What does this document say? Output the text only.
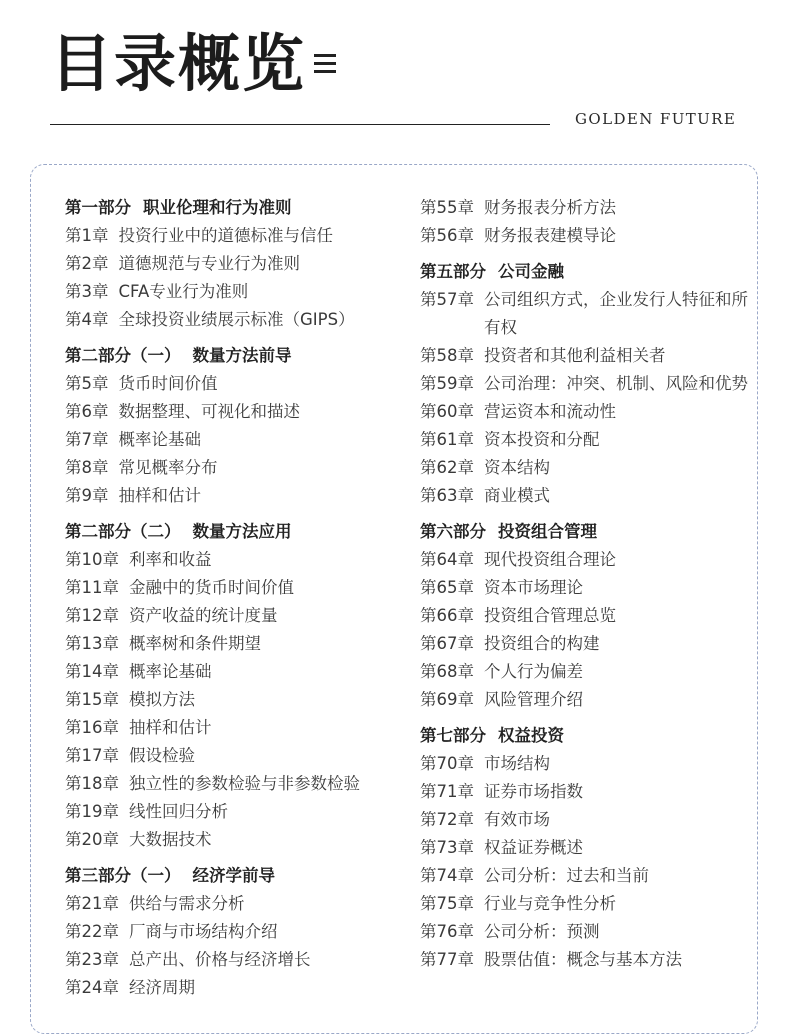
目录概览
GOLDEN FUTURE
第一部分 职业伦理和行为准则
第1章 投资行业中的道德标准与信任
第2章 道德规范与专业行为准则
第3章 CFA专业行为准则
第4章 全球投资业绩展示标准（GIPS）
第二部分（一） 数量方法前导
第5章 货币时间价值
第6章 数据整理、可视化和描述
第7章 概率论基础
第8章 常见概率分布
第9章 抽样和估计
第二部分（二） 数量方法应用
第10章 利率和收益
第11章 金融中的货币时间价值
第12章 资产收益的统计度量
第13章 概率树和条件期望
第14章 概率论基础
第15章 模拟方法
第16章 抽样和估计
第17章 假设检验
第18章 独立性的参数检验与非参数检验
第19章 线性回归分析
第20章 大数据技术
第三部分（一） 经济学前导
第21章 供给与需求分析
第22章 厂商与市场结构介绍
第23章 总产出、价格与经济增长
第24章 经济周期
第55章 财务报表分析方法
第56章 财务报表建模导论
第五部分 公司金融
第57章 公司组织方式，企业发行人特征和所有权
第58章 投资者和其他利益相关者
第59章 公司治理：冲突、机制、风险和优势
第60章 营运资本和流动性
第61章 资本投资和分配
第62章 资本结构
第63章 商业模式
第六部分 投资组合管理
第64章 现代投资组合理论
第65章 资本市场理论
第66章 投资组合管理总览
第67章 投资组合的构建
第68章 个人行为偏差
第69章 风险管理介绍
第七部分 权益投资
第70章 市场结构
第71章 证券市场指数
第72章 有效市场
第73章 权益证券概述
第74章 公司分析：过去和当前
第75章 行业与竞争性分析
第76章 公司分析：预测
第77章 股票估值：概念与基本方法
